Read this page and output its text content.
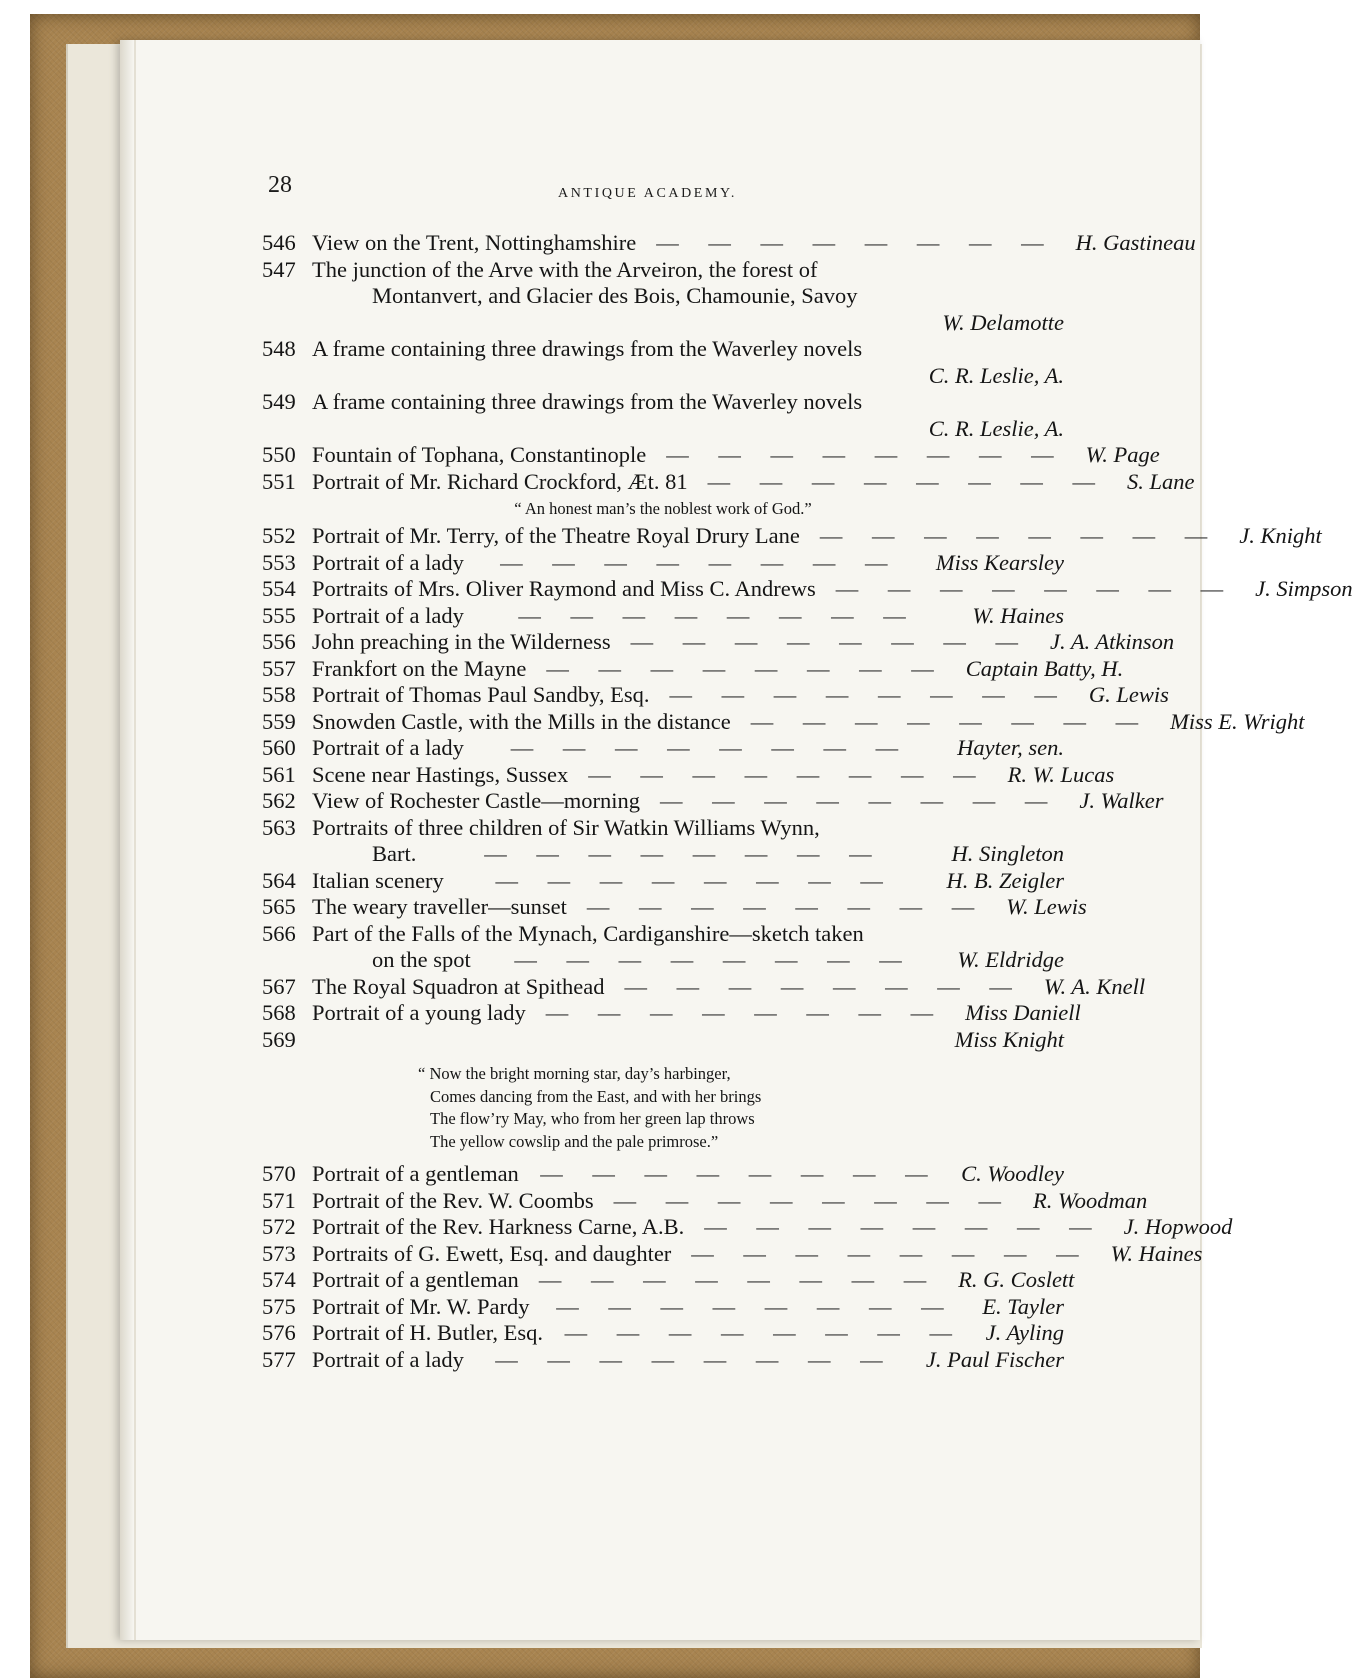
28	ANTIQUE ACADEMY.
546 View on the Trent, Nottinghamshire — — — — — — — — H. Gastineau
547 The junction of the Arve with the Arveiron, the forest of
Montanvert, and Glacier des Bois, Chamounie, Savoy
W. Delamotte
548 A frame containing three drawings from the Waverley novels
C. R. Leslie, A.
549 A frame containing three drawings from the Waverley novels
C. R. Leslie, A.
550 Fountain of Tophana, Constantinople — — — — — — — — W. Page
551 Portrait of Mr. Richard Crockford, Æt. 81 — — — — — — — — S. Lane
“ An honest man’s the noblest work of God.”
552 Portrait of Mr. Terry, of the Theatre Royal Drury Lane — — — — — — — — J. Knight
553 Portrait of a lady	— — — — — — — —	Miss Kearsley
554 Portraits of Mrs. Oliver Raymond and Miss C. Andrews — — — — — — — — J. Simpson
555 Portrait of a lady	— — — — — — — —	W. Haines
556 John preaching in the Wilderness — — — — — — — — J. A. Atkinson
557 Frankfort on the Mayne — — — — — — — — Captain Batty, H.
558 Portrait of Thomas Paul Sandby, Esq. — — — — — — — — G. Lewis
559 Snowden Castle, with the Mills in the distance — — — — — — — — Miss E. Wright
560 Portrait of a lady	— — — — — — — —	Hayter, sen.
561 Scene near Hastings, Sussex — — — — — — — — R. W. Lucas
562 View of Rochester Castle—morning — — — — — — — — J. Walker
563 Portraits of three children of Sir Watkin Williams Wynn,
Bart.	— — — — — — — —	H. Singleton
564 Italian scenery	— — — — — — — —	H. B. Zeigler
565 The weary traveller—sunset — — — — — — — — W. Lewis
566 Part of the Falls of the Mynach, Cardiganshire—sketch taken
on the spot	— — — — — — — —	W. Eldridge
567 The Royal Squadron at Spithead — — — — — — — — W. A. Knell
568 Portrait of a young lady — — — — — — — — Miss Daniell
569	Miss Knight
“ Now the bright morning star, day’s harbinger,
Comes dancing from the East, and with her brings
The flow’ry May, who from her green lap throws
The yellow cowslip and the pale primrose.”
570 Portrait of a gentleman — — — — — — — — C. Woodley
571 Portrait of the Rev. W. Coombs — — — — — — — — R. Woodman
572 Portrait of the Rev. Harkness Carne, A.B. — — — — — — — — J. Hopwood
573 Portraits of G. Ewett, Esq. and daughter — — — — — — — — W. Haines
574 Portrait of a gentleman — — — — — — — — R. G. Coslett
575 Portrait of Mr. W. Pardy	— — — — — — — —	E. Tayler
576 Portrait of H. Butler, Esq. — — — — — — — — J. Ayling
577 Portrait of a lady	— — — — — — — —	J. Paul Fischer
